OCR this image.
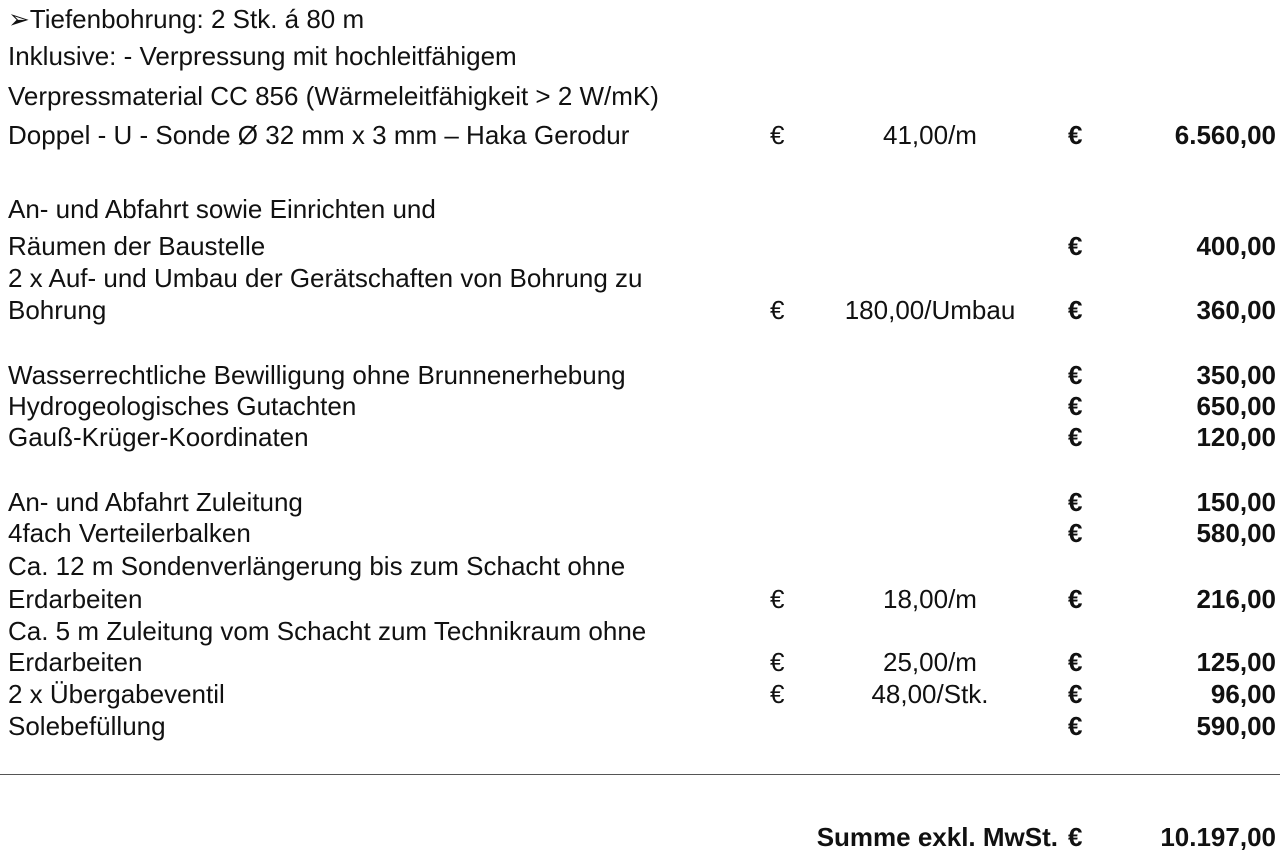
➢Tiefenbohrung: 2 Stk. á 80 m
Inklusive: - Verpressung mit hochleitfähigem
Verpressmaterial CC 856 (Wärmeleitfähigkeit > 2 W/mK)
Doppel - U - Sonde Ø 32 mm x 3 mm – Haka Gerodur	€	41,00/m	€	6.560,00
An- und Abfahrt sowie Einrichten und
Räumen der Baustelle	€	400,00
2 x Auf- und Umbau der Gerätschaften von Bohrung zu
Bohrung	€	180,00/Umbau	€	360,00
Wasserrechtliche Bewilligung ohne Brunnenerhebung	€	350,00
Hydrogeologisches Gutachten	€	650,00
Gauß-Krüger-Koordinaten	€	120,00
An- und Abfahrt Zuleitung	€	150,00
4fach Verteilerbalken	€	580,00
Ca. 12 m Sondenverlängerung bis zum Schacht ohne
Erdarbeiten	€	18,00/m	€	216,00
Ca. 5 m Zuleitung vom Schacht zum Technikraum ohne
Erdarbeiten	€	25,00/m	€	125,00
2 x Übergabeventil	€	48,00/Stk.	€	96,00
Solebefüllung	€	590,00
Summe exkl. MwSt. €	10.197,00
